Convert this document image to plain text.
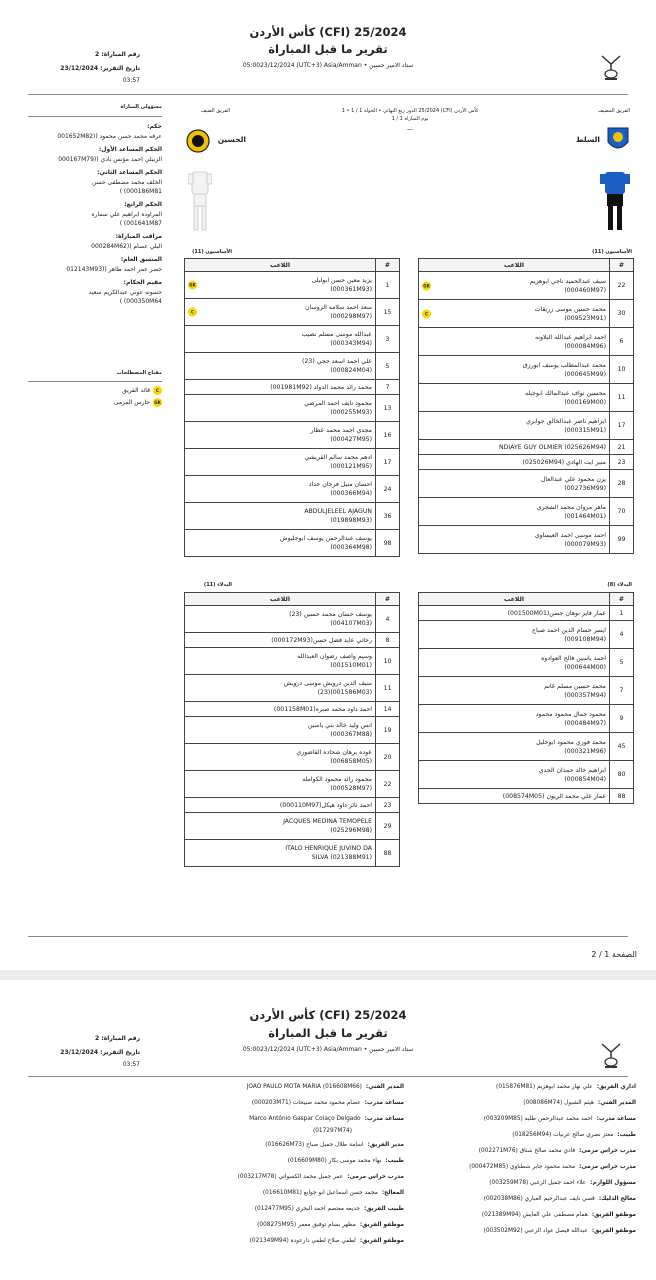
كأس الأردن (CFI) 25/2024
تقرير ما قبل المباراة
05:0023/12/2024 (UTC+3) Asia/Amman • ستاد الامير حسين
رقم المباراة: 2
تاريخ التقرير: 23/12/2024
03:57
مسؤولي المباراة
حكم:
عرقه محمد حسن محمود ((001652M82
الحكم المساعد الأول:
الزبيلي احمد مؤنس نادي ((000167M79
الحكم المساعد الثاني:
الخلف محمد مصطفى حسن
000186M81) )
الحكم الرابع:
المراوده ابراهيم علي سماره
001641M87) )
مراقب المباراة:
البلي عصام ((000284M62
المنسق العام:
خضر عمر احمد طاهر ((012143M93
مقيم الحكام:
حسونه عوني عبدالكريم سعيد
000350M64) )
مفتاح المصطلحات
C
قائد الفريق
GK
حارس المرمى
الفريق المضيف
الفريق الضيف	كأس الأردن (CFI) 25/2024 الدور ربع النهائي • الجولة 1 / 1 • 1
يوم المباراة 1 / 1
—
السلط
الحسين
الأساسيون (11)
الأساسيون (11)
#	اللاعب
22	سيف عبدالحميد ناجي ابوهزيم
(000460M97)
GK

30	محمد حسين موسى زريقات
(009523M91)
C

6	احمد ابراهيم عبدالله البلاونه
(000084M96)

10	محمد عبدالمطلب يوسف ابورزق
(000645M99)

11	محسين نواف عبدالمالك ابوجبله
(000169M00)

17	ابراهيم ناصر عبدالخالق جوابري
(000315M91)

21	NDIAYE GUY OLMIER (025626M94)

23	منير ايت الهادي (025026M94)

28	يزن محمود علي عبدالعال
(002736M99)

70	ماهر مروان محمد الشجري
(001464M01)

99	احمد موسى احمد العيساوي
(000079M93)
#	اللاعب
1	يزيد معين حسن ابوليلى
(000361M93)
GK

15	سعد احمد سلامه الروسان
(000298M97)
C

3	عبدالله موسى مسلم نصيب
(000343M94)

5	علي احمد اسعد حجي (23)
(000824M04)

7	محمد رائد محمد الدواد (001981M92)

13	محمود نايف احمد المرضي
(000255M93)

16	مجدي احمد محمد عطار
(000427M95)

17	ادهم محمد سالم القريشي
(000121M95)

24	احسان منيل فرحان حداد
(000366M94)

36	ABDULJELEEL AJAGUN
(019898M93)

98	يوسف عبدالرحمن يوسف ابوجليوش
(000364M98)
البدلاء (8)
البدلاء (11)
#	اللاعب
1	عمار فايز نوهان جسن(001500M01)

4	ايسر حسام الدين احمد صباح
(009108M94)

5	احمد ياسين فالح العوادوه
(000644M00)

7	محمد حسين مسلم غانم
(000357M94)

9	محمود جمال محمود محمود
(000484M97)

45	محمد فوزي محمود ابوخليل
(000321M96)

80	ابراهيم خالد حمدان الجدي
(000854M04)

88	عمار علي محمد الزيون (008574M05)
#	اللاعب
4	يوسف حسان محمد حسين (23)
(004107M03)

8	رحاتي عايد فضل حسن(000172M93)

10	وسيم واصف رضوان العبدالله
(001510M01)

11	سيف الدين درويش موسى درويش
(001586M03)(23)

14	احمد داود محمد صبره(001158M01)

19	انس وليد خالد بني ياسين
(000367M88)

20	عوده برهان شحاده القاضوري
(006858M05)

22	محمود رائد محمود الكوامله
(000528M97)

23	احمد ثائر داود هيكل(000110M97)

29	JACQUES MEDINA TEMOPELE
(025296M98)

88	ITALO HENRIQUE JUVINO DA
SILVA (021388M91)
الصفحة 1 / 2
كأس الأردن (CFI) 25/2024
تقرير ما قبل المباراة
05:0023/12/2024 (UTC+3) Asia/Amman • ستاد الامير حسين
رقم المباراة: 2
تاريخ التقرير: 23/12/2024
03:57
اداري الفريق:علي نهار محمد ابوهزيم (015876M81)
المدير الفني:هيثم الشبول (008086M74)
مساعد مدرب:احمد محمد عبدالرحمن طلبه (003209M85)
طبيب:معتز نصري صالح عربيات (018256M94)
مدرب حراس مرمى:فادي محمد صالح شناق (002271M76)
مدرب حراس مرمى:محمد محمود جابر شطناوي (000472M85)
مسؤول اللوازم:علاء احمد جميل الزغبي (003259M78)
معالج الدليك:قصي نايف عبدالرحيم العباري (002038M86)
موظفو الفريق:همام مصطفى علي العايش (021389M94)
موظفو الفريق:عبدالله فيصل عواد الزعبي (003502M92)
المدير الفني:JOAO PAULO MOTA MARIA (016608M66)
مساعد مدرب:عصام محمود محمد صبيحات (000203M71)
مساعد مدرب:Marco António Gaspar Colaço Delgado
(017297M74)
مدير الفريق:اسامة طلال جميل صباح (016626M73)
طبيب:بهاء محمد موسى بكار (016609M80)
مدرب حراس مرمى:عمر جميل محمد الكسواني (003217M78)
المعالج:محمد حسن اسماعيل ابو جوابع (016610M81)
طبيب الفريق:جديعه معتصم احمد البحري (012477M95)
موظفو الفريق:مظهر بسام توفيق معمر (008275M95)
موظفو الفريق:لطفي صلاح لطفي دارعوده (021349M94)
